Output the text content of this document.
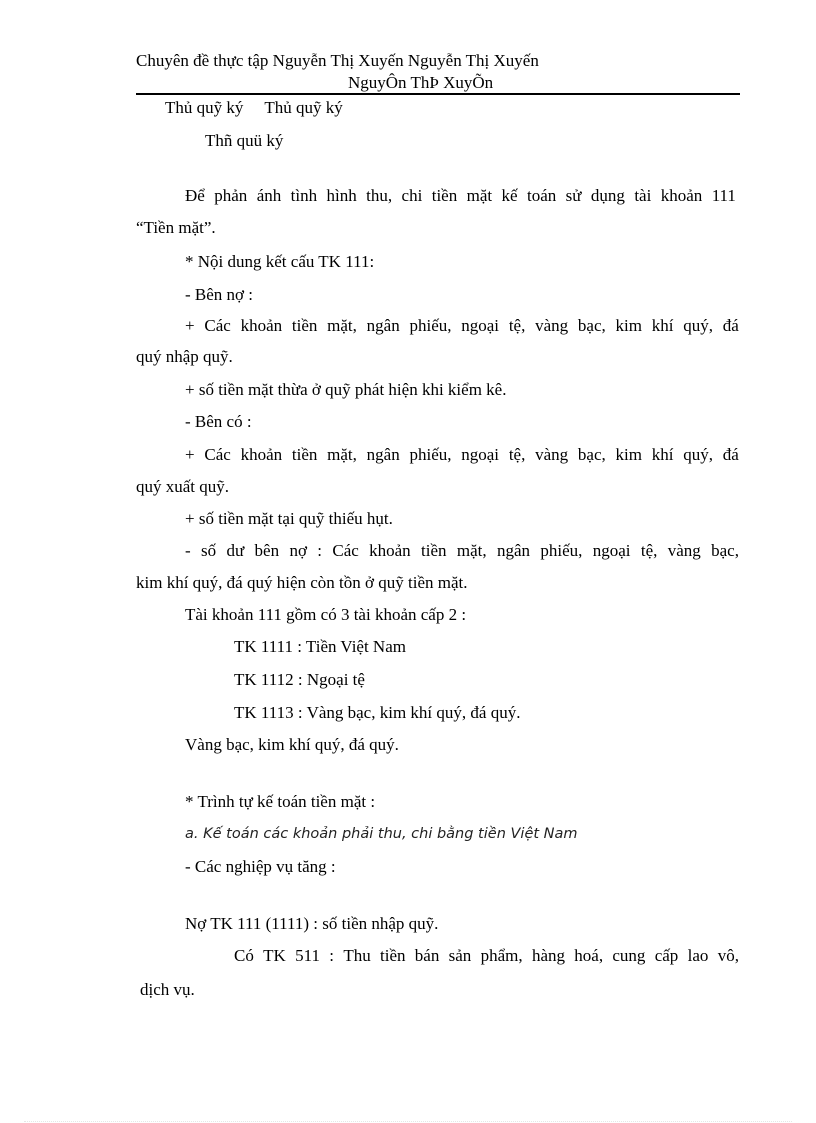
Chuyên đề thực tập Nguyễn Thị Xuyến Nguyễn Thị Xuyến
NguyÔn ThÞ XuyÕn
Thủ quỹ ký     Thủ quỹ ký
Thñ quü ký
Để phản ánh tình hình thu, chi tiền mặt kế toán sử dụng tài khoản 111
“Tiền mặt”.
* Nội dung kết cấu TK 111:
- Bên nợ :
+ Các khoản tiền mặt, ngân phiếu, ngoại tệ, vàng bạc, kim khí quý, đá
quý nhập quỹ.
+ số tiền mặt thừa ở quỹ phát hiện khi kiểm kê.
- Bên có :
+ Các khoản tiền mặt, ngân phiếu, ngoại tệ, vàng bạc, kim khí quý, đá
quý xuất quỹ.
+ số tiền mặt tại quỹ thiếu hụt.
- số dư bên nợ : Các khoản tiền mặt, ngân phiếu, ngoại tệ, vàng bạc,
kim khí quý, đá quý hiện còn tồn ở quỹ tiền mặt.
Tài khoản 111 gồm có 3 tài khoản cấp 2 :
TK 1111 : Tiền Việt Nam
TK 1112 : Ngoại tệ
TK 1113 : Vàng bạc, kim khí quý, đá quý.
Vàng bạc, kim khí quý, đá quý.
* Trình tự kế toán tiền mặt :
a. Kế toán các khoản phải thu, chi bằng tiền Việt Nam
- Các nghiệp vụ tăng :
Nợ TK 111 (1111) : số tiền nhập quỹ.
Có TK 511 : Thu tiền bán sản phẩm, hàng hoá, cung cấp lao vô,
dịch vụ.
